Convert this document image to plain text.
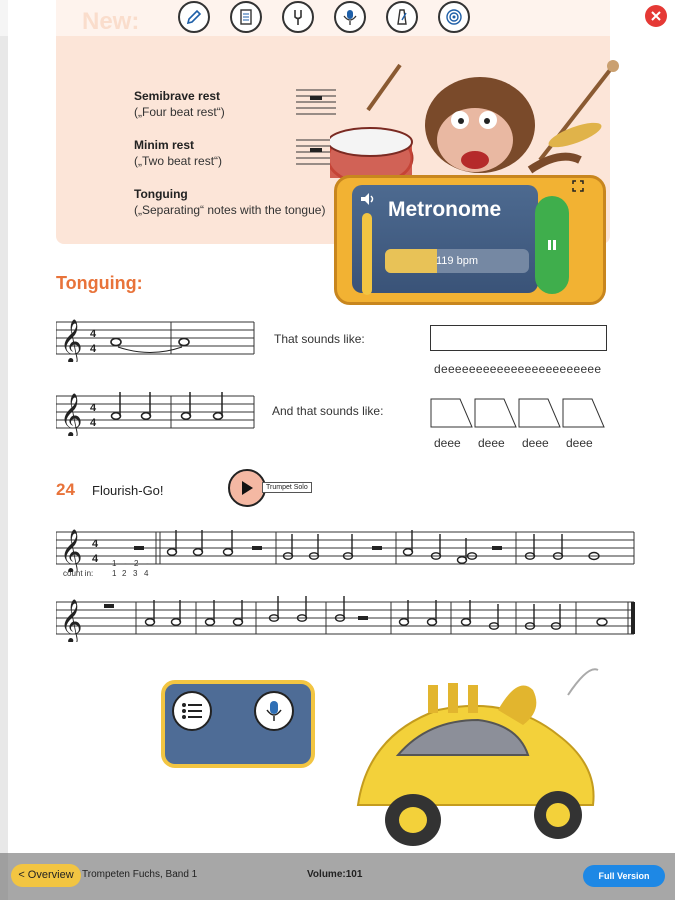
Semibrave rest
(„Four beat rest“)
Minim rest
(„Two beat rest“)
Tonguing
(„Separating“ notes with the tongue)
Tonguing:
𝄞 4
4
That sounds like:
deeeeeeeeeeeeeeeeeeeeeee
𝄞 4
4
And that sounds like:
deee deee deee deee
24 Flourish-Go!	Trumpet Solo
𝄞 4
4
count in:
1 - 2 -
1 2 3 4
𝄞
Metronome
119 bpm
< Overview Trompeten Fuchs, Band 1	Volume:101	Full Version
